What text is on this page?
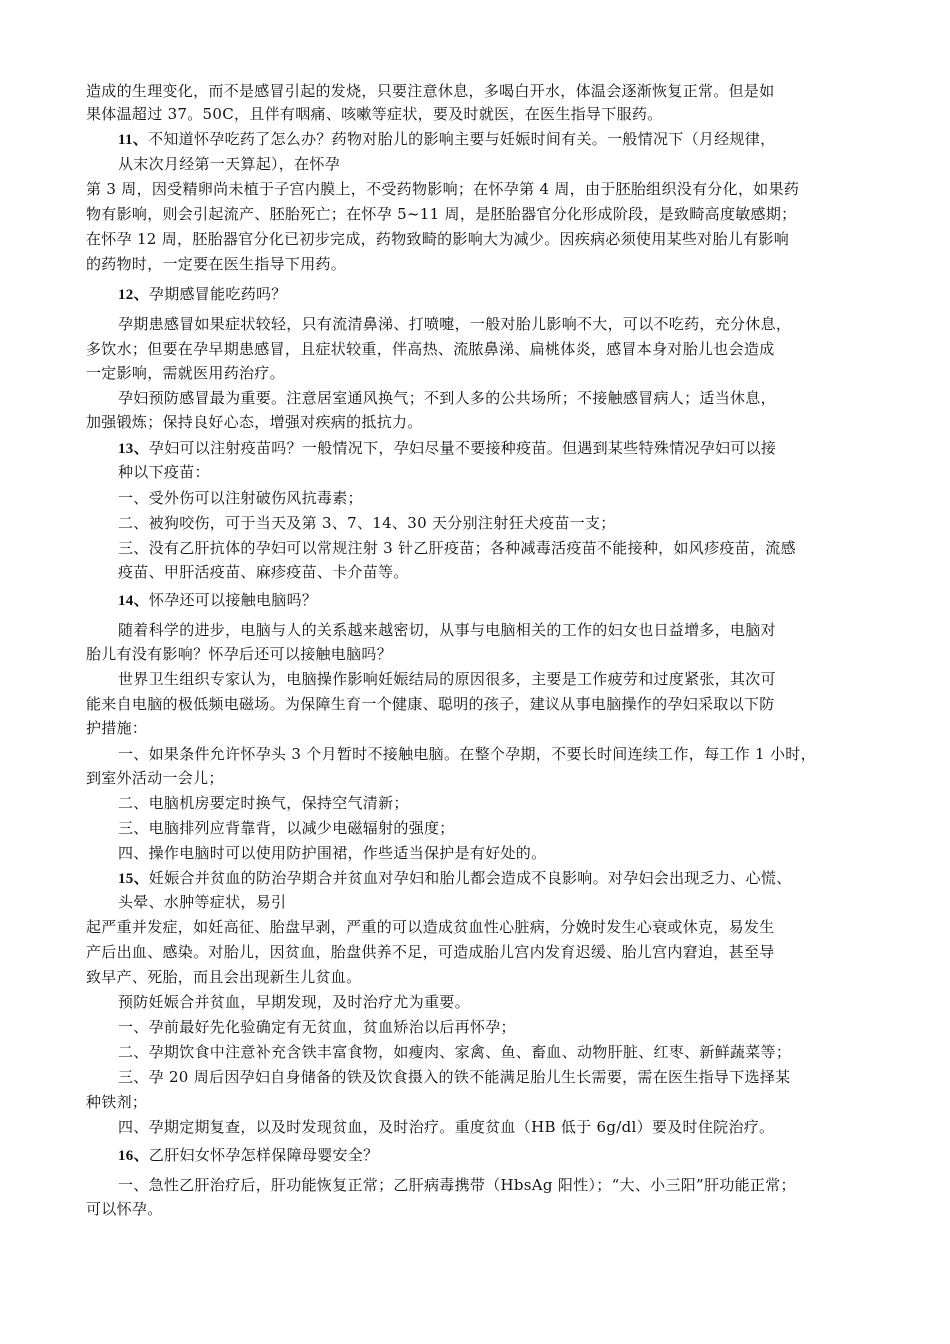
造成的生理变化，而不是感冒引起的发烧，只要注意休息，多喝白开水，体温会逐渐恢复正常。但是如

果体温超过 37。50C，且伴有咽痛、咳嗽等症状，要及时就医，在医生指导下服药。

11、不知道怀孕吃药了怎么办？药物对胎儿的影响主要与妊娠时间有关。一般情况下（月经规律，

从末次月经第一天算起），在怀孕

第 3 周，因受精卵尚未植于子宫内膜上，不受药物影响；在怀孕第 4 周，由于胚胎组织没有分化，如果药

物有影响，则会引起流产、胚胎死亡；在怀孕 5~11 周，是胚胎器官分化形成阶段，是致畸高度敏感期；

在怀孕 12 周，胚胎器官分化已初步完成，药物致畸的影响大为减少。因疾病必须使用某些对胎儿有影响

的药物时，一定要在医生指导下用药。

12、孕期感冒能吃药吗？

孕期患感冒如果症状较轻，只有流清鼻涕、打喷嚏，一般对胎儿影响不大，可以不吃药，充分休息，

多饮水；但要在孕早期患感冒，且症状较重，伴高热、流脓鼻涕、扁桃体炎，感冒本身对胎儿也会造成

一定影响，需就医用药治疗。

孕妇预防感冒最为重要。注意居室通风换气；不到人多的公共场所；不接触感冒病人；适当休息，

加强锻炼；保持良好心态，增强对疾病的抵抗力。

13、孕妇可以注射疫苗吗？一般情况下，孕妇尽量不要接种疫苗。但遇到某些特殊情况孕妇可以接

种以下疫苗：

一、受外伤可以注射破伤风抗毒素；

二、被狗咬伤，可于当天及第 3、7、14、30 天分别注射狂犬疫苗一支；

三、没有乙肝抗体的孕妇可以常规注射 3 针乙肝疫苗；各种减毒活疫苗不能接种，如风疹疫苗，流感

疫苗、甲肝活疫苗、麻疹疫苗、卡介苗等。

14、怀孕还可以接触电脑吗？

随着科学的进步，电脑与人的关系越来越密切，从事与电脑相关的工作的妇女也日益增多，电脑对

胎儿有没有影响？怀孕后还可以接触电脑吗？

世界卫生组织专家认为，电脑操作影响妊娠结局的原因很多，主要是工作疲劳和过度紧张，其次可

能来自电脑的极低频电磁场。为保障生育一个健康、聪明的孩子，建议从事电脑操作的孕妇采取以下防

护措施：

一、如果条件允许怀孕头 3 个月暂时不接触电脑。在整个孕期，不要长时间连续工作，每工作 1 小时，

到室外活动一会儿；

二、电脑机房要定时换气，保持空气清新；

三、电脑排列应背靠背，以减少电磁辐射的强度；

四、操作电脑时可以使用防护围裙，作些适当保护是有好处的。

15、妊娠合并贫血的防治孕期合并贫血对孕妇和胎儿都会造成不良影响。对孕妇会出现乏力、心慌、

头晕、水肿等症状，易引

起严重并发症，如妊高征、胎盘早剥，严重的可以造成贫血性心脏病，分娩时发生心衰或休克，易发生

产后出血、感染。对胎儿，因贫血，胎盘供养不足，可造成胎儿宫内发育迟缓、胎儿宫内窘迫，甚至导

致早产、死胎，而且会出现新生儿贫血。

预防妊娠合并贫血，早期发现，及时治疗尤为重要。

一、孕前最好先化验确定有无贫血，贫血矫治以后再怀孕；

二、孕期饮食中注意补充含铁丰富食物，如瘦肉、家禽、鱼、畜血、动物肝脏、红枣、新鲜蔬菜等；

三、孕 20 周后因孕妇自身储备的铁及饮食摄入的铁不能满足胎儿生长需要，需在医生指导下选择某

种铁剂；

四、孕期定期复查，以及时发现贫血，及时治疗。重度贫血（HB 低于 6g/dl）要及时住院治疗。

16、乙肝妇女怀孕怎样保障母婴安全？

一、急性乙肝治疗后，肝功能恢复正常；乙肝病毒携带（HbsAg 阳性）；“大、小三阳”肝功能正常；

可以怀孕。
